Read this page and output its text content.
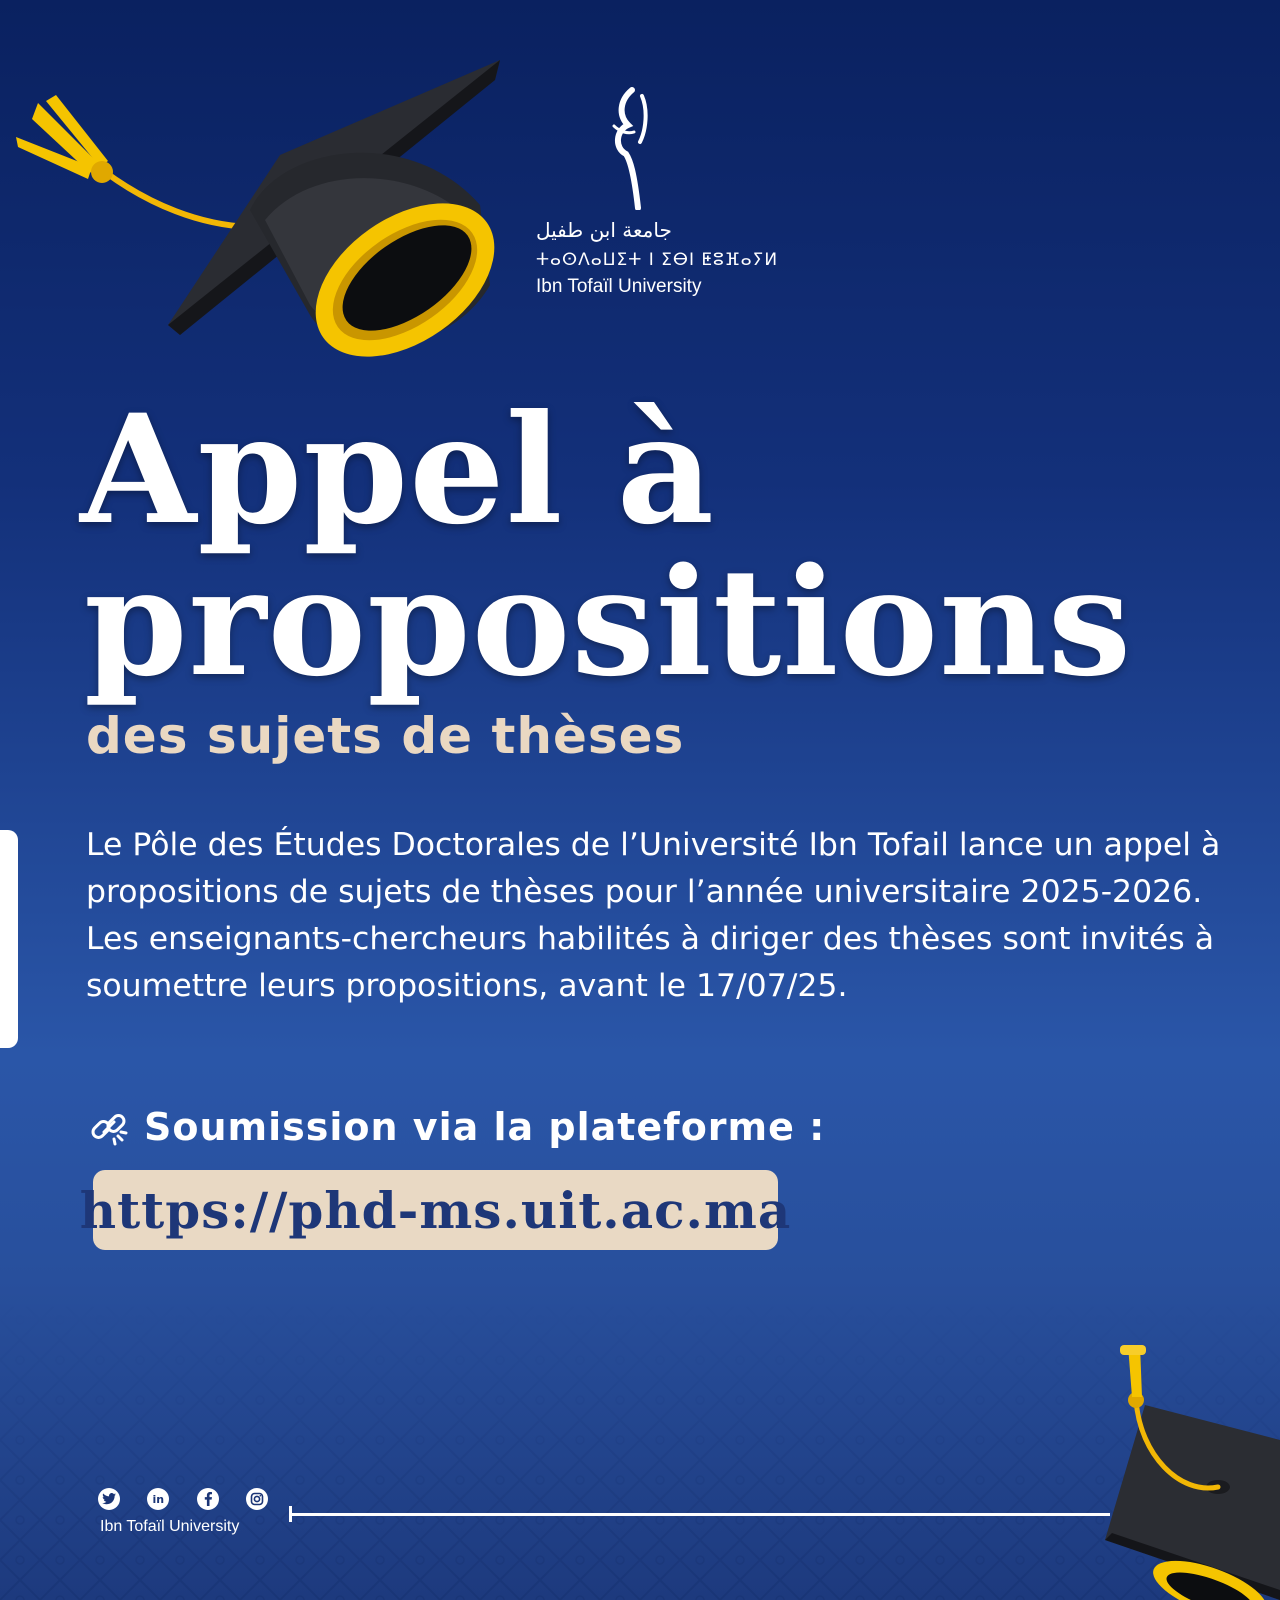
جامعة ابن طفيل
ⵜⴰⵙⴷⴰⵡⵉⵜ ⵏ ⵉⴱⵏ ⵟⵓⴼⴰⵢⵍ
Ibn Tofaïl University
Appel à
propositions
des sujets de thèses

Le Pôle des Études Doctorales de l’Université Ibn Tofail lance un appel à propositions de sujets de thèses pour l’année universitaire 2025-2026.

Les enseignants-chercheurs habilités à diriger des thèses sont invités à soumettre leurs propositions, avant le 17/07/25.

Soumission via la plateforme :
https://phd-ms.uit.ac.ma
in
Ibn Tofaïl University
